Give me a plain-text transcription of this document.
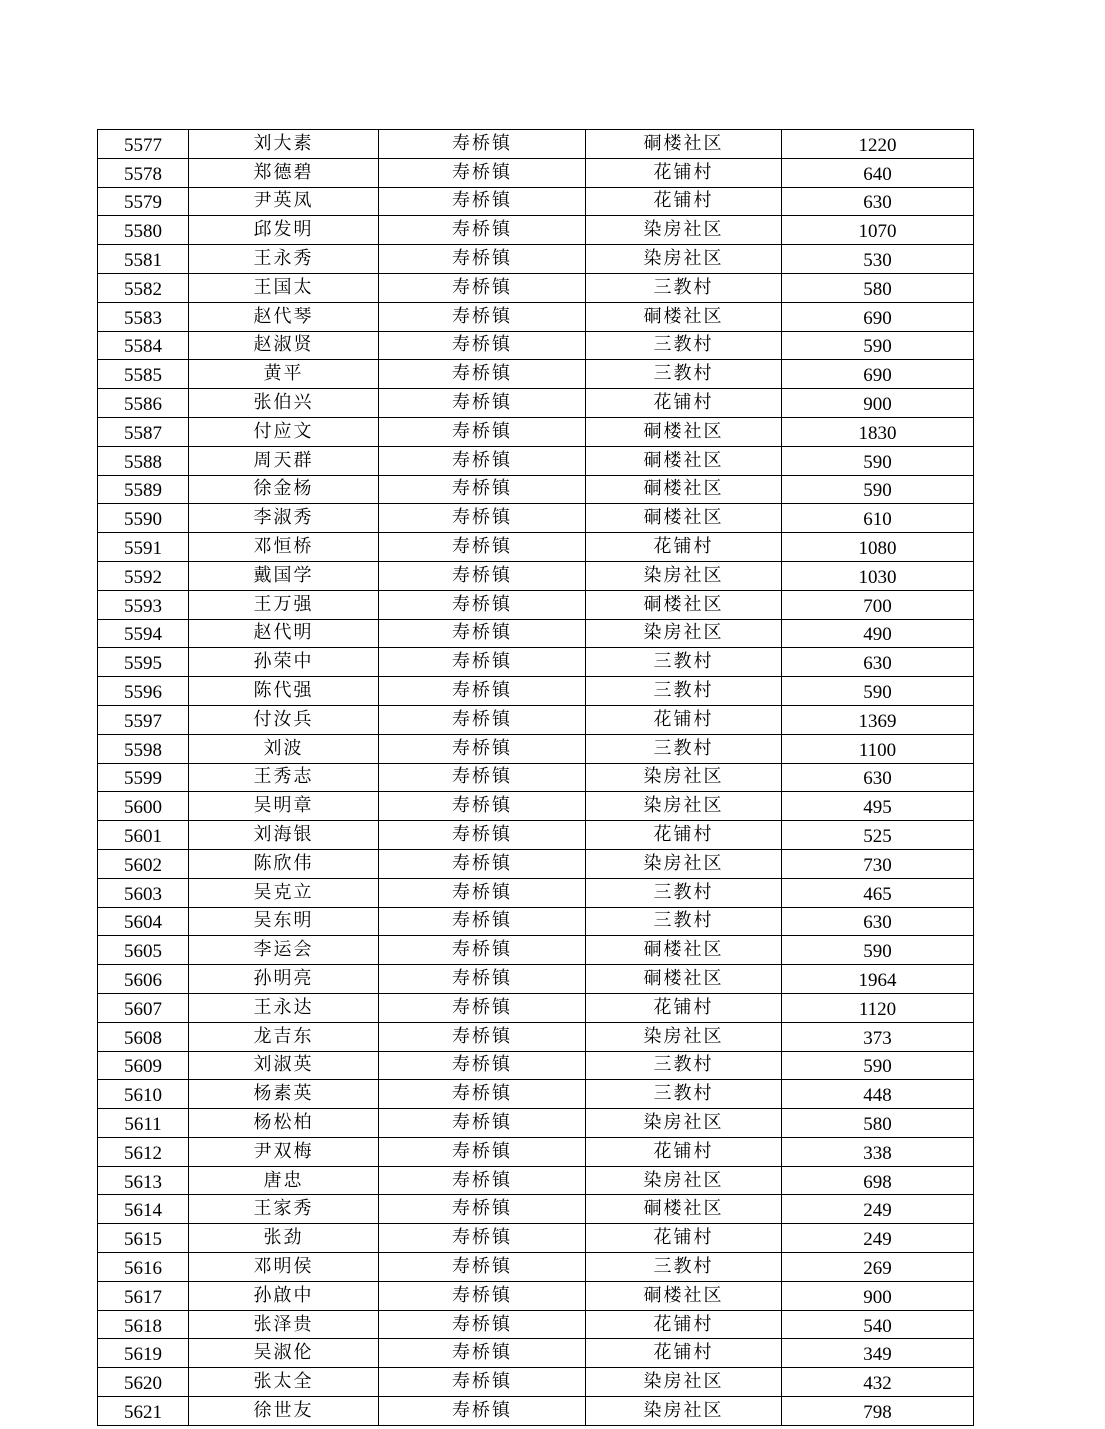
5577	刘大素	寿桥镇	硐楼社区	1220
5578	郑德碧	寿桥镇	花铺村	640
5579	尹英凤	寿桥镇	花铺村	630
5580	邱发明	寿桥镇	染房社区	1070
5581	王永秀	寿桥镇	染房社区	530
5582	王国太	寿桥镇	三教村	580
5583	赵代琴	寿桥镇	硐楼社区	690
5584	赵淑贤	寿桥镇	三教村	590
5585	黄平	寿桥镇	三教村	690
5586	张伯兴	寿桥镇	花铺村	900
5587	付应文	寿桥镇	硐楼社区	1830
5588	周天群	寿桥镇	硐楼社区	590
5589	徐金杨	寿桥镇	硐楼社区	590
5590	李淑秀	寿桥镇	硐楼社区	610
5591	邓恒桥	寿桥镇	花铺村	1080
5592	戴国学	寿桥镇	染房社区	1030
5593	王万强	寿桥镇	硐楼社区	700
5594	赵代明	寿桥镇	染房社区	490
5595	孙荣中	寿桥镇	三教村	630
5596	陈代强	寿桥镇	三教村	590
5597	付汝兵	寿桥镇	花铺村	1369
5598	刘波	寿桥镇	三教村	1100
5599	王秀志	寿桥镇	染房社区	630
5600	吴明章	寿桥镇	染房社区	495
5601	刘海银	寿桥镇	花铺村	525
5602	陈欣伟	寿桥镇	染房社区	730
5603	吴克立	寿桥镇	三教村	465
5604	吴东明	寿桥镇	三教村	630
5605	李运会	寿桥镇	硐楼社区	590
5606	孙明亮	寿桥镇	硐楼社区	1964
5607	王永达	寿桥镇	花铺村	1120
5608	龙吉东	寿桥镇	染房社区	373
5609	刘淑英	寿桥镇	三教村	590
5610	杨素英	寿桥镇	三教村	448
5611	杨松柏	寿桥镇	染房社区	580
5612	尹双梅	寿桥镇	花铺村	338
5613	唐忠	寿桥镇	染房社区	698
5614	王家秀	寿桥镇	硐楼社区	249
5615	张劲	寿桥镇	花铺村	249
5616	邓明侯	寿桥镇	三教村	269
5617	孙啟中	寿桥镇	硐楼社区	900
5618	张泽贵	寿桥镇	花铺村	540
5619	吴淑伦	寿桥镇	花铺村	349
5620	张太全	寿桥镇	染房社区	432
5621	徐世友	寿桥镇	染房社区	798
